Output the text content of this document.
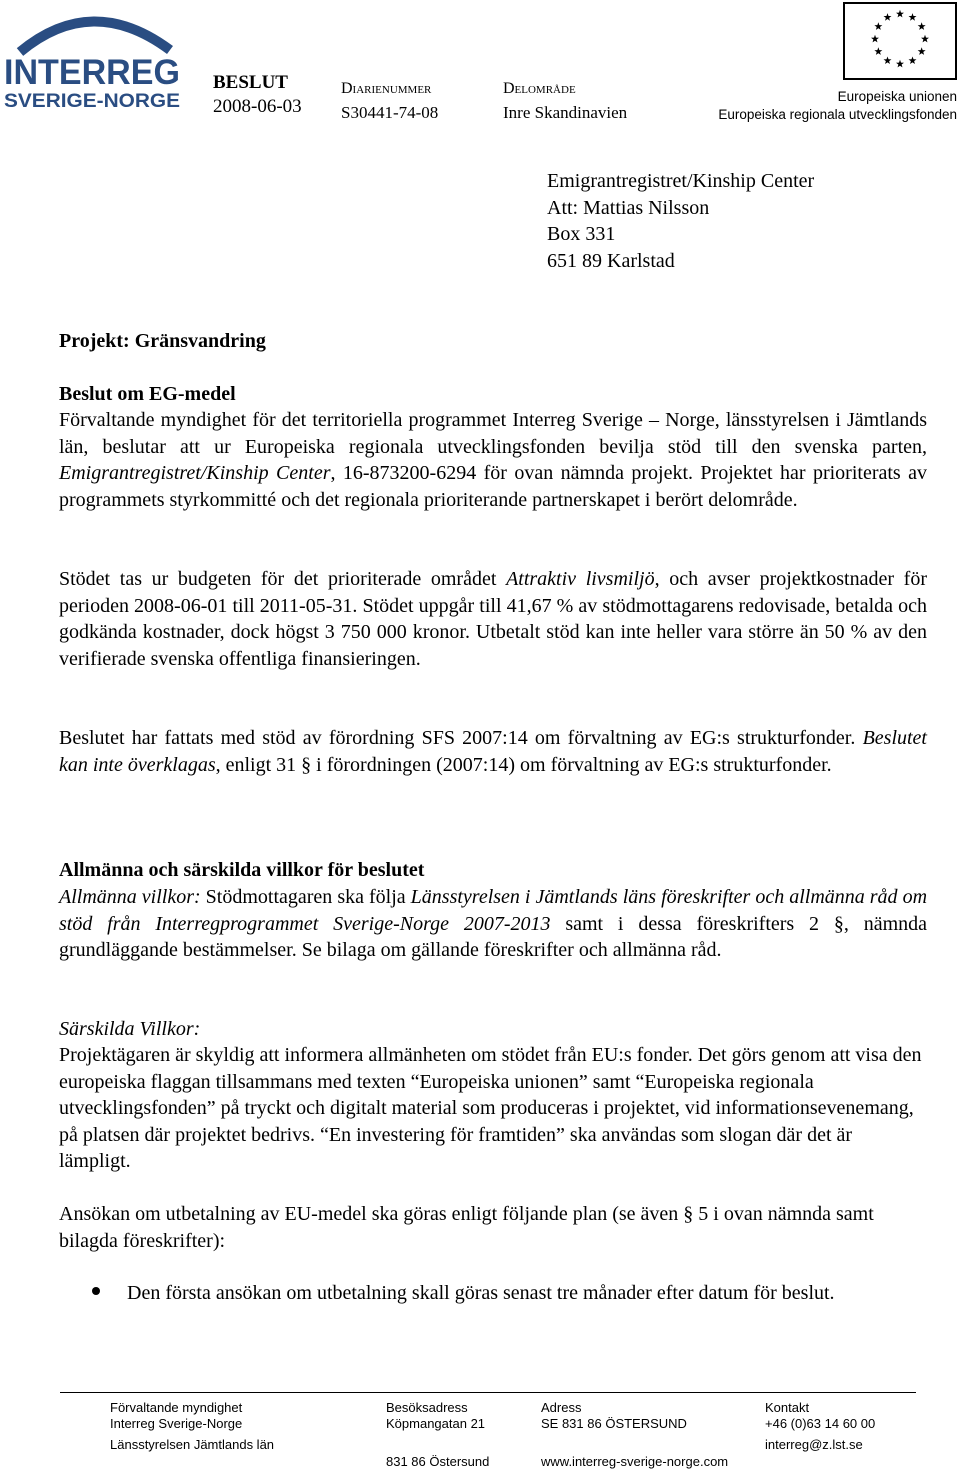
INTERREG
SVERIGE-NORGE
BESLUT
2008-06-03
Diarienummer
S30441-74-08
Delområde
Inre Skandinavien
Europeiska unionen
Europeiska regionala utvecklingsfonden
Emigrantregistret/Kinship Center
Att: Mattias Nilsson
Box 331
651 89 Karlstad
Projekt: Gränsvandring
Beslut om EG-medel
Förvaltande myndighet för det territoriella programmet Interreg Sverige – Norge, länsstyrelsen i Jämtlands län, beslutar att ur Europeiska regionala utvecklingsfonden bevilja stöd till den svenska parten, Emigrantregistret/Kinship Center, 16-873200-6294 för ovan nämnda projekt. Projektet har prioriterats av programmets styrkommitté och det regionala prioriterande partnerskapet i berört delområde.
Stödet tas ur budgeten för det prioriterade området Attraktiv livsmiljö, och avser projektkostnader för perioden 2008-06-01 till 2011-05-31. Stödet uppgår till 41,67 % av stödmottagarens redovisade, betalda och godkända kostnader, dock högst 3 750 000 kronor. Utbetalt stöd kan inte heller vara större än 50 % av den verifierade svenska offentliga finansieringen.
Beslutet har fattats med stöd av förordning SFS 2007:14 om förvaltning av EG:s strukturfonder. Beslutet kan inte överklagas, enligt 31 § i förordningen (2007:14) om förvaltning av EG:s strukturfonder.
Allmänna och särskilda villkor för beslutet
Allmänna villkor: Stödmottagaren ska följa Länsstyrelsen i Jämtlands läns föreskrifter och allmänna råd om stöd från Interregprogrammet Sverige-Norge 2007-2013 samt i dessa föreskrifters 2 §, nämnda grundläggande bestämmelser. Se bilaga om gällande föreskrifter och allmänna råd.
Särskilda Villkor:
Projektägaren är skyldig att informera allmänheten om stödet från EU:s fonder. Det görs genom att visa den europeiska flaggan tillsammans med texten “Europeiska unionen” samt “Europeiska regionala utvecklingsfonden” på tryckt och digitalt material som produceras i projektet, vid informationsevenemang, på platsen där projektet bedrivs. “En investering för framtiden” ska användas som slogan där det är lämpligt.
Ansökan om utbetalning av EU-medel ska göras enligt följande plan (se även § 5 i ovan nämnda samt bilagda föreskrifter):
Den första ansökan om utbetalning skall göras senast tre månader efter datum för beslut.
Förvaltande myndighet
Interreg Sverige-Norge
Länsstyrelsen Jämtlands län
Besöksadress
Köpmangatan 21
831 86 Östersund
Adress
SE 831 86 ÖSTERSUND
www.interreg-sverige-norge.com
Kontakt
+46 (0)63 14 60 00
interreg@z.lst.se
